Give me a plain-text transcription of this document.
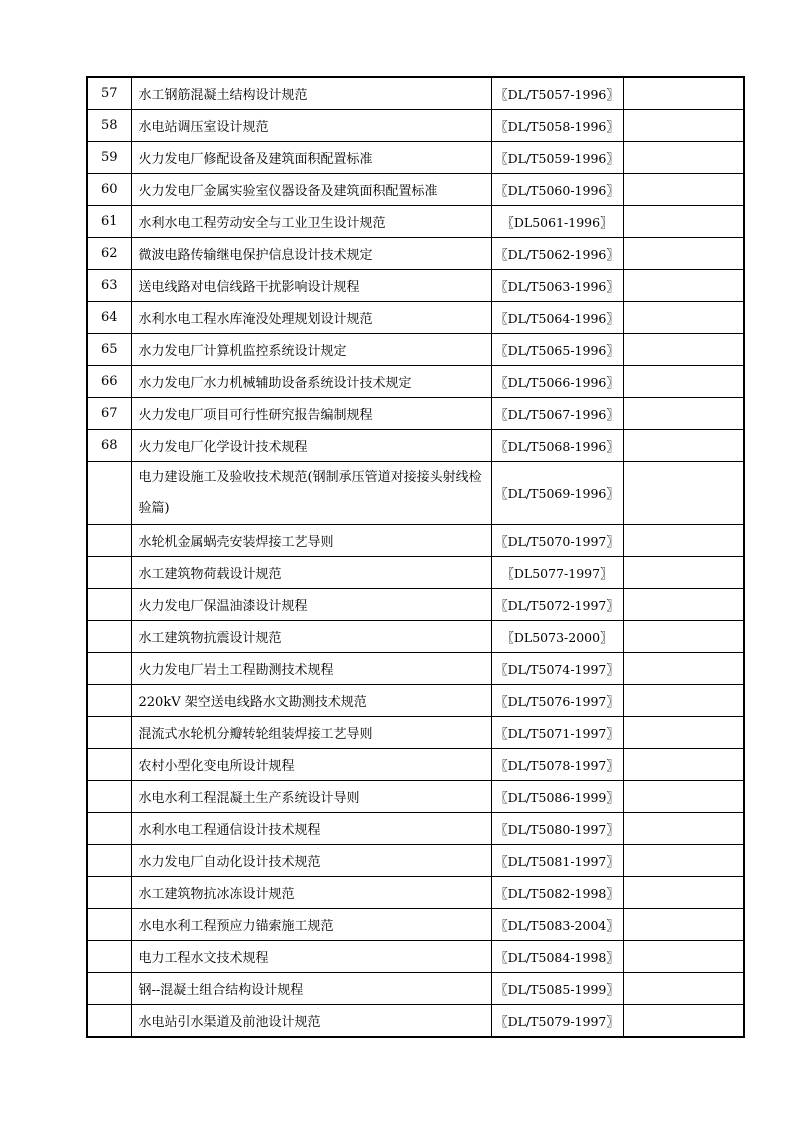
57	水工钢筋混凝土结构设计规范	〖DL/T5057-1996〗	
58	水电站调压室设计规范	〖DL/T5058-1996〗	
59	火力发电厂修配设备及建筑面积配置标准	〖DL/T5059-1996〗	
60	火力发电厂金属实验室仪器设备及建筑面积配置标准	〖DL/T5060-1996〗	
61	水利水电工程劳动安全与工业卫生设计规范	〖DL5061-1996〗	
62	微波电路传输继电保护信息设计技术规定	〖DL/T5062-1996〗	
63	送电线路对电信线路干扰影响设计规程	〖DL/T5063-1996〗	
64	水利水电工程水库淹没处理规划设计规范	〖DL/T5064-1996〗	
65	水力发电厂计算机监控系统设计规定	〖DL/T5065-1996〗	
66	水力发电厂水力机械辅助设备系统设计技术规定	〖DL/T5066-1996〗	
67	火力发电厂项目可行性研究报告编制规程	〖DL/T5067-1996〗	
68	火力发电厂化学设计技术规程	〖DL/T5068-1996〗	
	电力建设施工及验收技术规范(钢制承压管道对接接头射线检验篇)	〖DL/T5069-1996〗	
	水轮机金属蜗壳安装焊接工艺导则	〖DL/T5070-1997〗	
	水工建筑物荷载设计规范	〖DL5077-1997〗	
	火力发电厂保温油漆设计规程	〖DL/T5072-1997〗	
	水工建筑物抗震设计规范	〖DL5073-2000〗	
	火力发电厂岩土工程勘测技术规程	〖DL/T5074-1997〗	
	220kV 架空送电线路水文勘测技术规范	〖DL/T5076-1997〗	
	混流式水轮机分瓣转轮组装焊接工艺导则	〖DL/T5071-1997〗	
	农村小型化变电所设计规程	〖DL/T5078-1997〗	
	水电水利工程混凝土生产系统设计导则	〖DL/T5086-1999〗	
	水利水电工程通信设计技术规程	〖DL/T5080-1997〗	
	水力发电厂自动化设计技术规范	〖DL/T5081-1997〗	
	水工建筑物抗冰冻设计规范	〖DL/T5082-1998〗	
	水电水利工程预应力锚索施工规范	〖DL/T5083-2004〗	
	电力工程水文技术规程	〖DL/T5084-1998〗	
	钢--混凝土组合结构设计规程	〖DL/T5085-1999〗	
	水电站引水渠道及前池设计规范	〖DL/T5079-1997〗	
